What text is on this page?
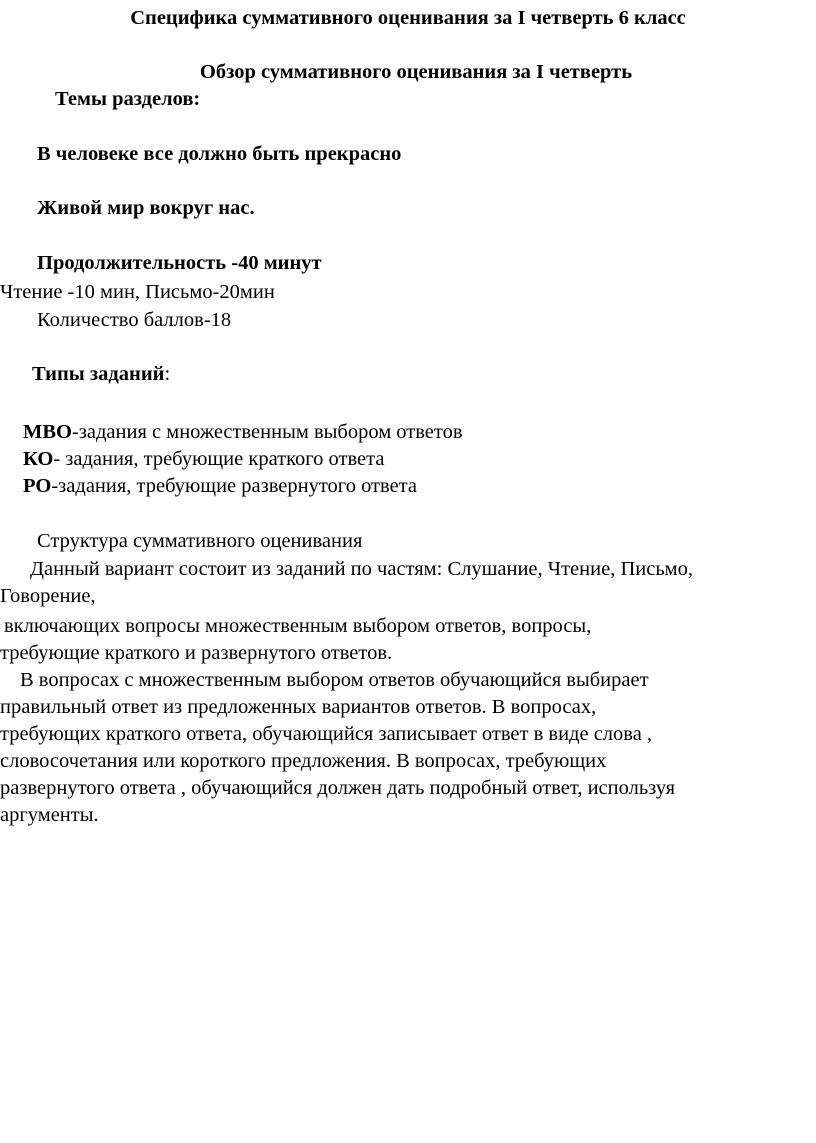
Специфика суммативного оценивания за I четверть 6 класс
Обзор суммативного оценивания за I четверть
Темы разделов:
В человеке все должно быть прекрасно
Живой мир вокруг нас.
Продолжительность -40 минут
Чтение -10 мин, Письмо-20мин
Количество баллов-18
Типы заданий:
МВО-задания с множественным выбором ответов
КО- задания, требующие краткого ответа
РО-задания, требующие развернутого ответа
Структура суммативного оценивания
Данный вариант состоит из заданий по частям: Слушание, Чтение, Письмо,
Говорение,
включающих вопросы множественным выбором ответов, вопросы,
требующие краткого и развернутого ответов.
В вопросах с множественным выбором ответов обучающийся выбирает
правильный ответ из предложенных вариантов ответов. В вопросах,
требующих краткого ответа, обучающийся записывает ответ в виде слова ,
словосочетания или короткого предложения. В вопросах, требующих
развернутого ответа , обучающийся должен дать подробный ответ, используя
аргументы.
